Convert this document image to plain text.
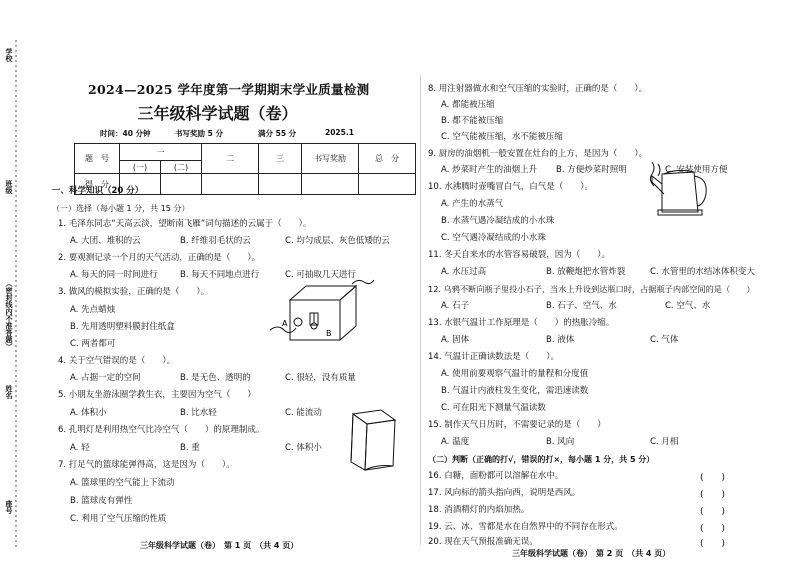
学校
班级
（密封线内不准答题）
姓名
座号
2024—2025 学年度第一学期期末学业质量检测
三年级科学试题（卷）
时间：40 分钟	书写奖励 5 分	满分 55 分	2025.1
题　号	一		二	三	书写奖励	总　分
	(一)	(二)				
得　分						
一、科学知识（20 分）
（一）选择（每小题 1 分，共 15 分）
1. 毛泽东同志“天高云淡，望断南飞雁”词句描述的云属于（　　）。
A. 大团、堆积的云	B. 纤维羽毛状的云	C. 均匀成层、灰色低矮的云
2. 要观测记录一个月的天气活动，正确的是（　　）。
A. 每天的同一时间进行	B. 每天不同地点进行	C. 可抽取几天进行
3. 做风的模拟实验，正确的是（　　）。
A. 先点蜡烛
B. 先用透明塑料膜封住纸盒
C. 两者都可
A
B
4. 关于空气错误的是（　　）。
A. 占据一定的空间	B. 是无色、透明的	C. 很轻，没有质量
5. 小朋友坐游泳圈学救生衣，主要因为空气（　　）
A. 体积小	B. 比水轻	C. 能流动
6. 孔明灯是利用热空气比冷空气（　　）的原理制成。
A. 轻	B. 重	C. 体积小
7. 打足气的篮球能弹得高，这是因为（　　）。
A. 篮球里的空气能上下流动
B. 篮球皮有弹性
C. 利用了空气压缩的性质
三年级科学试题（卷）　第 1 页　（共 4 页）
8. 用注射器做水和空气压缩的实验时，正确的是（　　）。
A. 都能被压缩
B. 都不能被压缩
C. 空气能被压缩，水不能被压缩
9. 厨房的油烟机一般安置在灶台的上方，是因为（　　）。
A. 炒菜时产生的油烟上升 B. 方便炒菜时照明	C. 安装使用方便
10. 水沸腾时壶嘴冒白气，白气是（　　）。
A. 产生的水蒸气
B. 水蒸气遇冷凝结成的小水珠
C. 空气遇冷凝结成的小水珠
11. 冬天自来水的水管容易破裂，因为（　　）。
A. 水压过高	B. 放鞭炮把水管炸裂	C. 水管里的水结冰体积变大
12. 乌鸦不断向瓶子里投小石子，当水上升设到达瓶口时，占据瓶子内部空间的是（　　）
A. 石子	B. 石子、空气、水	C. 空气、水
13. 水银气温计工作原理是（　　）的热胀冷缩。
A. 固体	B. 液体	C. 气体
14. 气温计正确读数法是（　　）。
A. 使用前要观察气温计的量程和分度值
B. 气温计内液柱发生变化，需迅速读数
C. 可在阳光下测量气温读数
15. 制作天气日历时，不需要记录的是（　　）
A. 温度	B. 风向	C. 月相
（二）判断（正确的打√，错误的打×，每小题 1 分，共 5 分）
16. 白糖，面粉都可以溶解在水中。	(　　)
17. 风向标的箭头指向西，说明是西风。	(　　)
18. 消酒精灯的内焰加热。	(　　)
19. 云、冰、雪都是水在自然界中的不同存在形式。	(　　)
20. 现在天气预报准确无误。	(　　)
三年级科学试题（卷）　第 2 页　（共 4 页）
